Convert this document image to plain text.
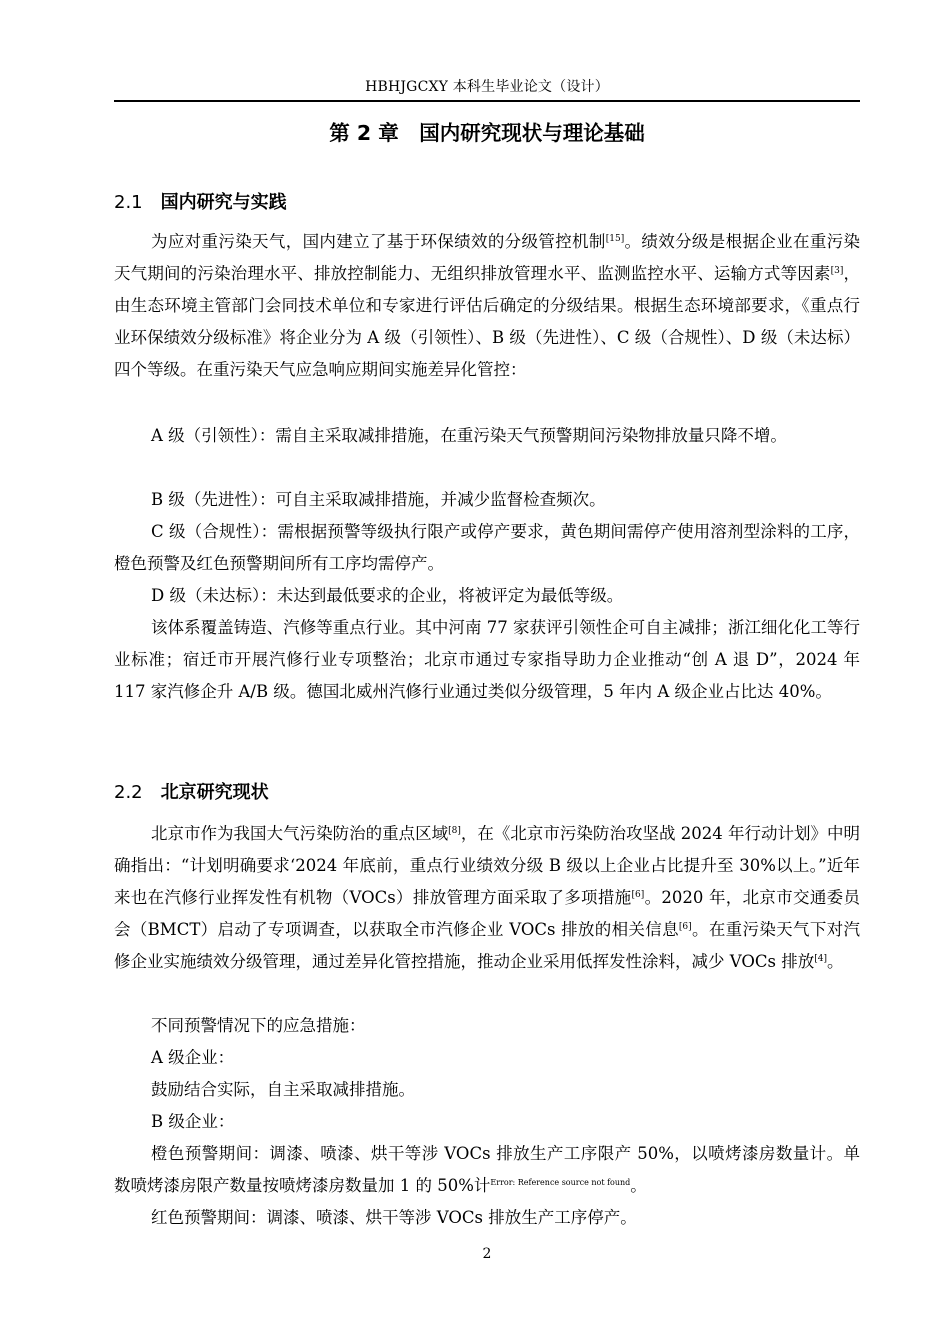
HBHJGCXY 本科生毕业论文（设计）
第 2 章　国内研究现状与理论基础
2.1 国内研究与实践

为应对重污染天气，国内建立了基于环保绩效的分级管控机制[15]。绩效分级是根据企业在重污染天气期间的污染治理水平、排放控制能力、无组织排放管理水平、监测监控水平、运输方式等因素[3]，由生态环境主管部门会同技术单位和专家进行评估后确定的分级结果。根据生态环境部要求，《重点行业环保绩效分级标准》将企业分为 A 级（引领性）、B 级（先进性）、C 级（合规性）、D 级（未达标）四个等级。在重污染天气应急响应期间实施差异化管控：

A 级（引领性）：需自主采取减排措施，在重污染天气预警期间污染物排放量只降不增。

B 级（先进性）：可自主采取减排措施，并减少监督检查频次。

C 级（合规性）：需根据预警等级执行限产或停产要求，黄色期间需停产使用溶剂型涂料的工序，橙色预警及红色预警期间所有工序均需停产。

D 级（未达标）：未达到最低要求的企业，将被评定为最低等级。

该体系覆盖铸造、汽修等重点行业。其中河南 77 家获评引领性企可自主减排；浙江细化化工等行业标准；宿迁市开展汽修行业专项整治；北京市通过专家指导助力企业推动“创 A 退 D”，2024 年 117 家汽修企升 A/B 级。德国北威州汽修行业通过类似分级管理，5 年内 A 级企业占比达 40%。

2.2 北京研究现状

北京市作为我国大气污染防治的重点区域[8]，在《北京市污染防治攻坚战 2024 年行动计划》中明确指出：“计划明确要求‘2024 年底前，重点行业绩效分级 B 级以上企业占比提升至 30%以上。”近年来也在汽修行业挥发性有机物（VOCs）排放管理方面采取了多项措施[6]。2020 年，北京市交通委员会（BMCT）启动了专项调查，以获取全市汽修企业 VOCs 排放的相关信息[6]。在重污染天气下对汽修企业实施绩效分级管理，通过差异化管控措施，推动企业采用低挥发性涂料，减少 VOCs 排放[4]。

不同预警情况下的应急措施：

A 级企业：

鼓励结合实际，自主采取减排措施。

B 级企业：

橙色预警期间：调漆、喷漆、烘干等涉 VOCs 排放生产工序限产 50%，以喷烤漆房数量计。单数喷烤漆房限产数量按喷烤漆房数量加 1 的 50%计$^{Error: Reference source not found}$。

红色预警期间：调漆、喷漆、烘干等涉 VOCs 排放生产工序停产。

2
